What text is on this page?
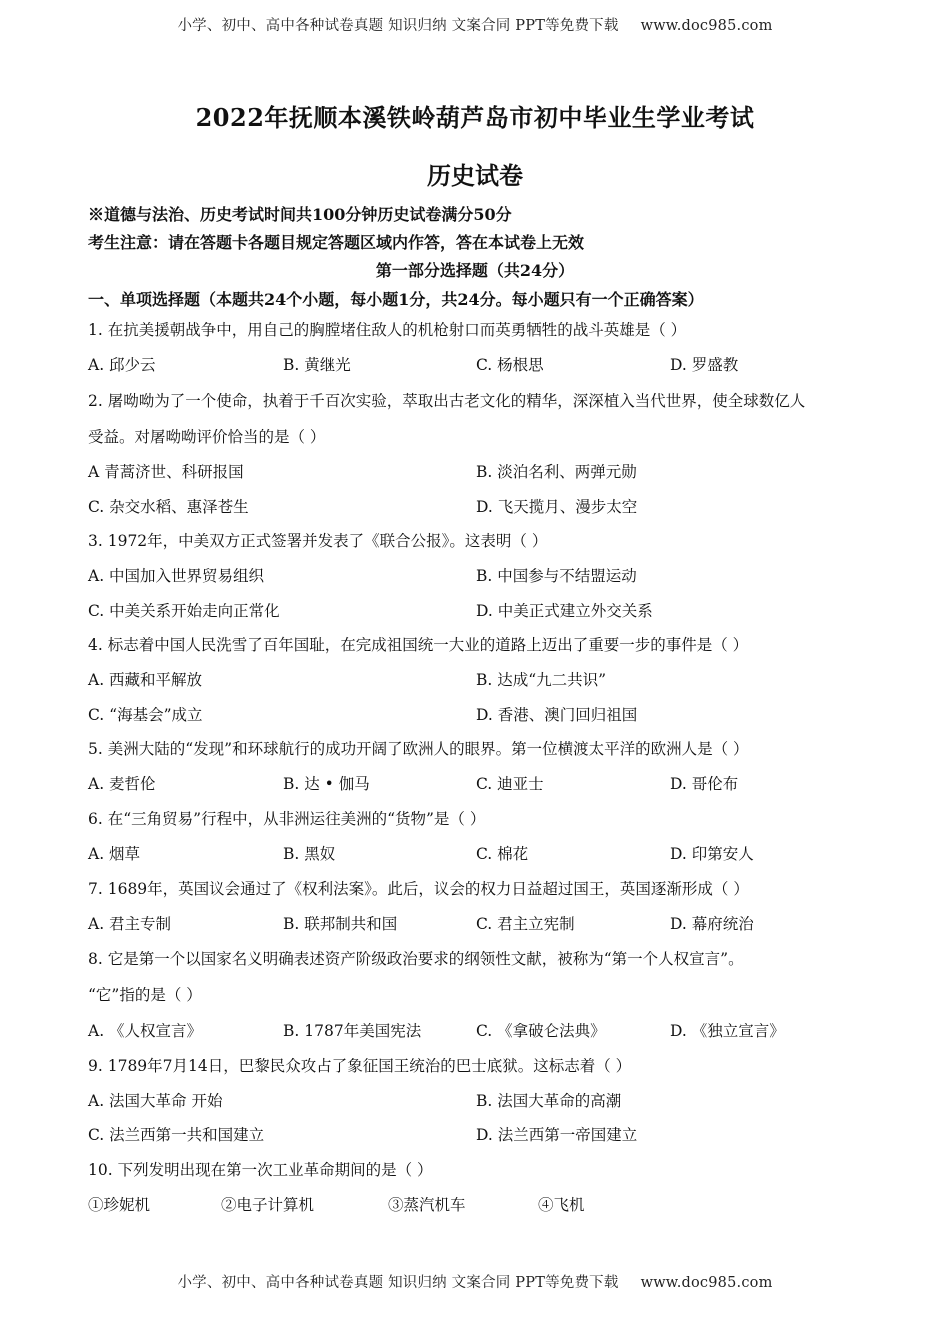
小学、初中、高中各种试卷真题 知识归纳 文案合同 PPT等免费下载 www.doc985.com
2022年抚顺本溪铁岭葫芦岛市初中毕业生学业考试
历史试卷
※道德与法治、历史考试时间共100分钟历史试卷满分50分
考生注意：请在答题卡各题目规定答题区域内作答，答在本试卷上无效
第一部分选择题（共24分）
一、单项选择题（本题共24个小题，每小题1分，共24分。每小题只有一个正确答案）
1. 在抗美援朝战争中，用自己的胸膛堵住敌人的机枪射口而英勇牺牲的战斗英雄是（ ）
A. 邱少云	B. 黄继光	C. 杨根思	D. 罗盛教
2. 屠呦呦为了一个使命，执着于千百次实验，萃取出古老文化的精华，深深植入当代世界，使全球数亿人
受益。对屠呦呦评价恰当的是（ ）
A 青蒿济世、科研报国	B. 淡泊名利、两弹元勋
C. 杂交水稻、惠泽苍生	D. 飞天揽月、漫步太空
3. 1972年，中美双方正式签署并发表了《联合公报》。这表明（ ）
A. 中国加入世界贸易组织	B. 中国参与不结盟运动
C. 中美关系开始走向正常化	D. 中美正式建立外交关系
4. 标志着中国人民洗雪了百年国耻，在完成祖国统一大业的道路上迈出了重要一步的事件是（ ）
A. 西藏和平解放	B. 达成“九二共识”
C. “海基会”成立	D. 香港、澳门回归祖国
5. 美洲大陆的“发现”和环球航行的成功开阔了欧洲人的眼界。第一位横渡太平洋的欧洲人是（ ）
A. 麦哲伦	B. 达 • 伽马	C. 迪亚士	D. 哥伦布
6. 在“三角贸易”行程中，从非洲运往美洲的“货物”是（ ）
A. 烟草	B. 黑奴	C. 棉花	D. 印第安人
7. 1689年，英国议会通过了《权利法案》。此后，议会的权力日益超过国王，英国逐渐形成（ ）
A. 君主专制	B. 联邦制共和国	C. 君主立宪制	D. 幕府统治
8. 它是第一个以国家名义明确表述资产阶级政治要求的纲领性文献，被称为“第一个人权宣言”。
“它”指的是（ ）
A. 《人权宣言》	B. 1787年美国宪法	C. 《拿破仑法典》	D. 《独立宣言》
9. 1789年7月14日，巴黎民众攻占了象征国王统治的巴士底狱。这标志着（ ）
A. 法国大革命 开始	B. 法国大革命的高潮
C. 法兰西第一共和国建立	D. 法兰西第一帝国建立
10. 下列发明出现在第一次工业革命期间的是（ ）
①珍妮机	②电子计算机	③蒸汽机车	④飞机
小学、初中、高中各种试卷真题 知识归纳 文案合同 PPT等免费下载 www.doc985.com
